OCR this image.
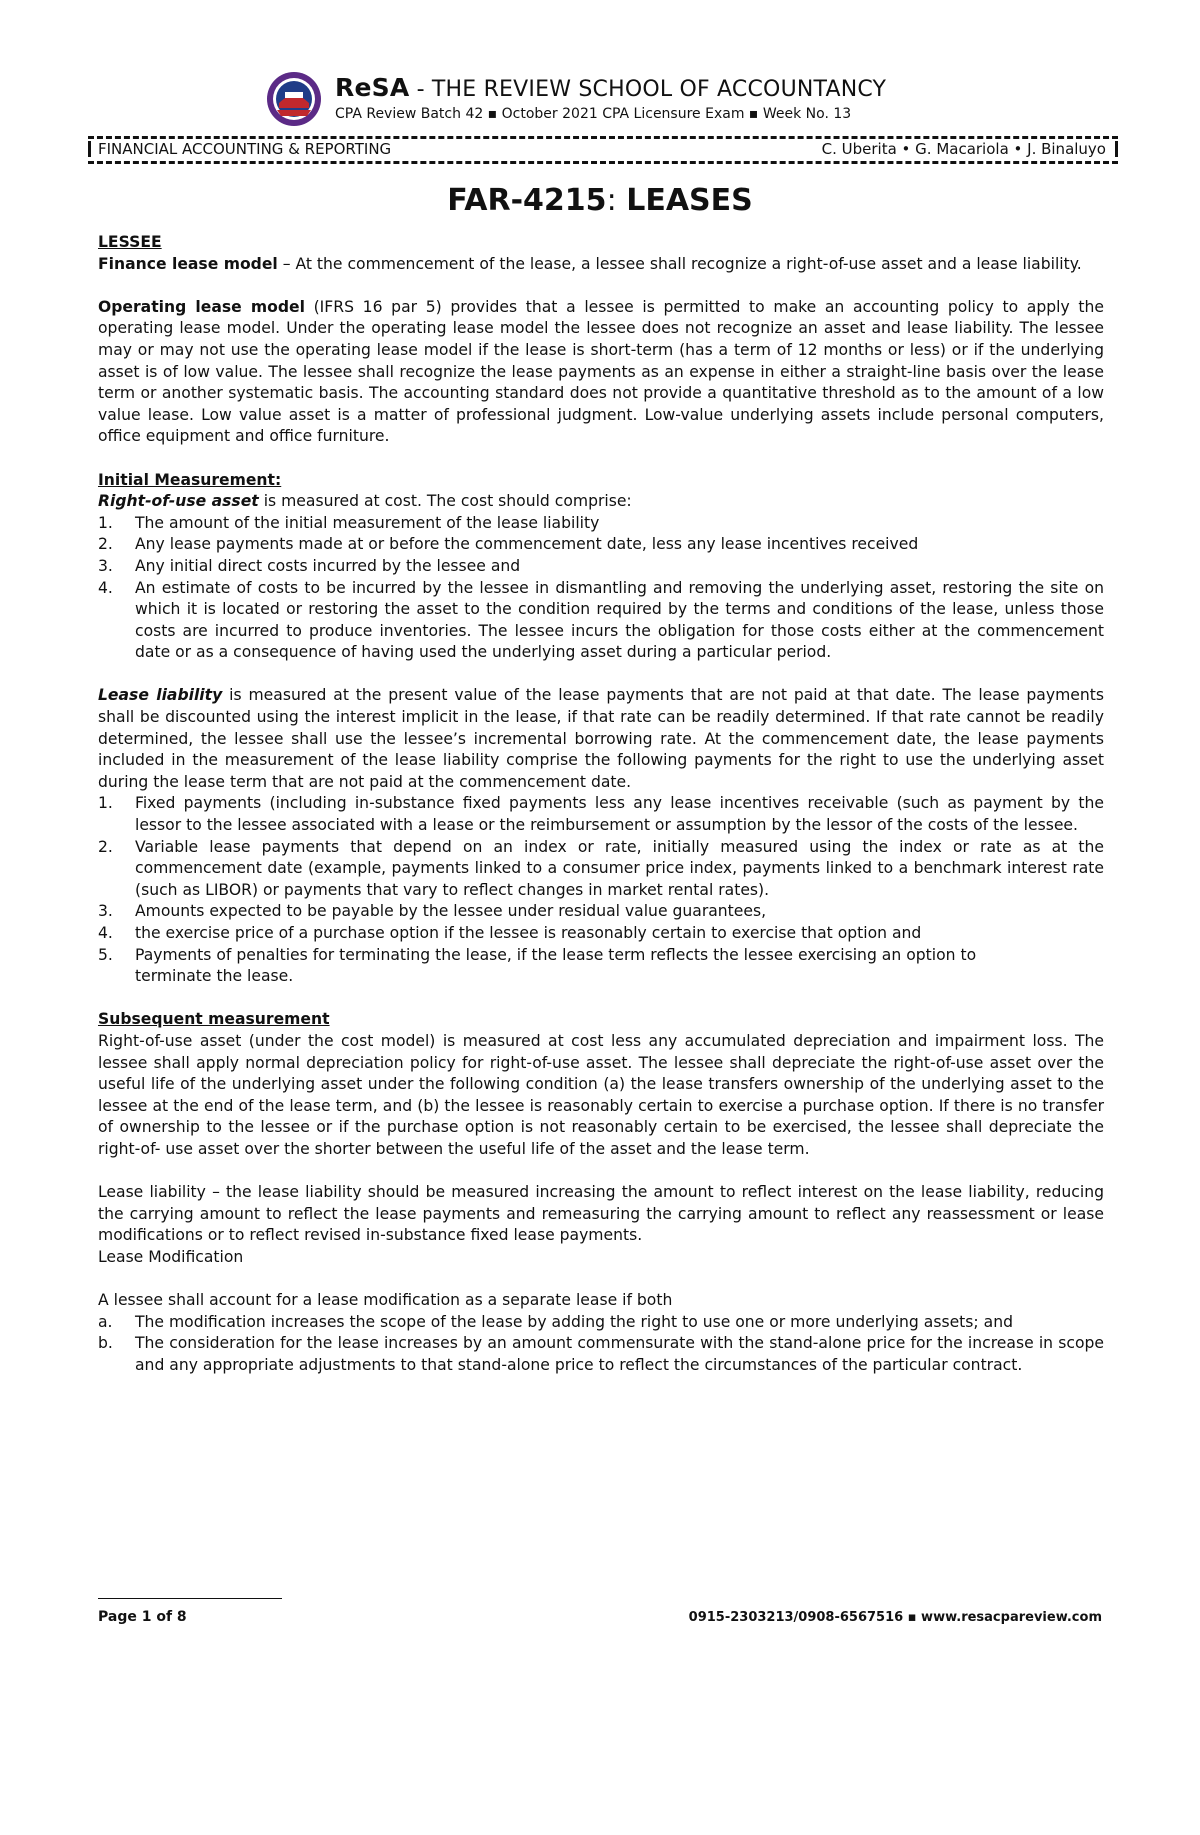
ReSA - THE REVIEW SCHOOL OF ACCOUNTANCY
CPA Review Batch 42 ▪ October 2021 CPA Licensure Exam ▪ Week No. 13
FINANCIAL ACCOUNTING & REPORTING	C. Uberita • G. Macariola • J. Binaluyo
FAR-4215: LEASES

LESSEE

Finance lease model – At the commencement of the lease, a lessee shall recognize a right-of-use asset and a lease liability.

Operating lease model (IFRS 16 par 5) provides that a lessee is permitted to make an accounting policy to apply the operating lease model. Under the operating lease model the lessee does not recognize an asset and lease liability. The lessee may or may not use the operating lease model if the lease is short-term (has a term of 12 months or less) or if the underlying asset is of low value. The lessee shall recognize the lease payments as an expense in either a straight-line basis over the lease term or another systematic basis. The accounting standard does not provide a quantitative threshold as to the amount of a low value lease. Low value asset is a matter of professional judgment. Low-value underlying assets include personal computers, office equipment and office furniture.

Initial Measurement:

Right-of-use asset is measured at cost. The cost should comprise:

1. The amount of the initial measurement of the lease liability
2. Any lease payments made at or before the commencement date, less any lease incentives received
3. Any initial direct costs incurred by the lessee and
4. An estimate of costs to be incurred by the lessee in dismantling and removing the underlying asset, restoring the site on which it is located or restoring the asset to the condition required by the terms and conditions of the lease, unless those costs are incurred to produce inventories. The lessee incurs the obligation for those costs either at the commencement date or as a consequence of having used the underlying asset during a particular period.

Lease liability is measured at the present value of the lease payments that are not paid at that date. The lease payments shall be discounted using the interest implicit in the lease, if that rate can be readily determined. If that rate cannot be readily determined, the lessee shall use the lessee’s incremental borrowing rate. At the commencement date, the lease payments included in the measurement of the lease liability comprise the following payments for the right to use the underlying asset during the lease term that are not paid at the commencement date.

1. Fixed payments (including in-substance fixed payments less any lease incentives receivable (such as payment by the lessor to the lessee associated with a lease or the reimbursement or assumption by the lessor of the costs of the lessee.
2. Variable lease payments that depend on an index or rate, initially measured using the index or rate as at the commencement date (example, payments linked to a consumer price index, payments linked to a benchmark interest rate (such as LIBOR) or payments that vary to reflect changes in market rental rates).
3. Amounts expected to be payable by the lessee under residual value guarantees,
4. the exercise price of a purchase option if the lessee is reasonably certain to exercise that option and
5. Payments of penalties for terminating the lease, if the lease term reflects the lessee exercising an option to terminate the lease.

Subsequent measurement

Right-of-use asset (under the cost model) is measured at cost less any accumulated depreciation and impairment loss. The lessee shall apply normal depreciation policy for right-of-use asset. The lessee shall depreciate the right-of-use asset over the useful life of the underlying asset under the following condition (a) the lease transfers ownership of the underlying asset to the lessee at the end of the lease term, and (b) the lessee is reasonably certain to exercise a purchase option. If there is no transfer of ownership to the lessee or if the purchase option is not reasonably certain to be exercised, the lessee shall depreciate the right-of- use asset over the shorter between the useful life of the asset and the lease term.

Lease liability – the lease liability should be measured increasing the amount to reflect interest on the lease liability, reducing the carrying amount to reflect the lease payments and remeasuring the carrying amount to reflect any reassessment or lease modifications or to reflect revised in-substance fixed lease payments.

Lease Modification

A lessee shall account for a lease modification as a separate lease if both

a. The modification increases the scope of the lease by adding the right to use one or more underlying assets; and
b. The consideration for the lease increases by an amount commensurate with the stand-alone price for the increase in scope and any appropriate adjustments to that stand-alone price to reflect the circumstances of the particular contract.
Page 1 of 8	0915-2303213/0908-6567516 ▪ www.resacpareview.com
